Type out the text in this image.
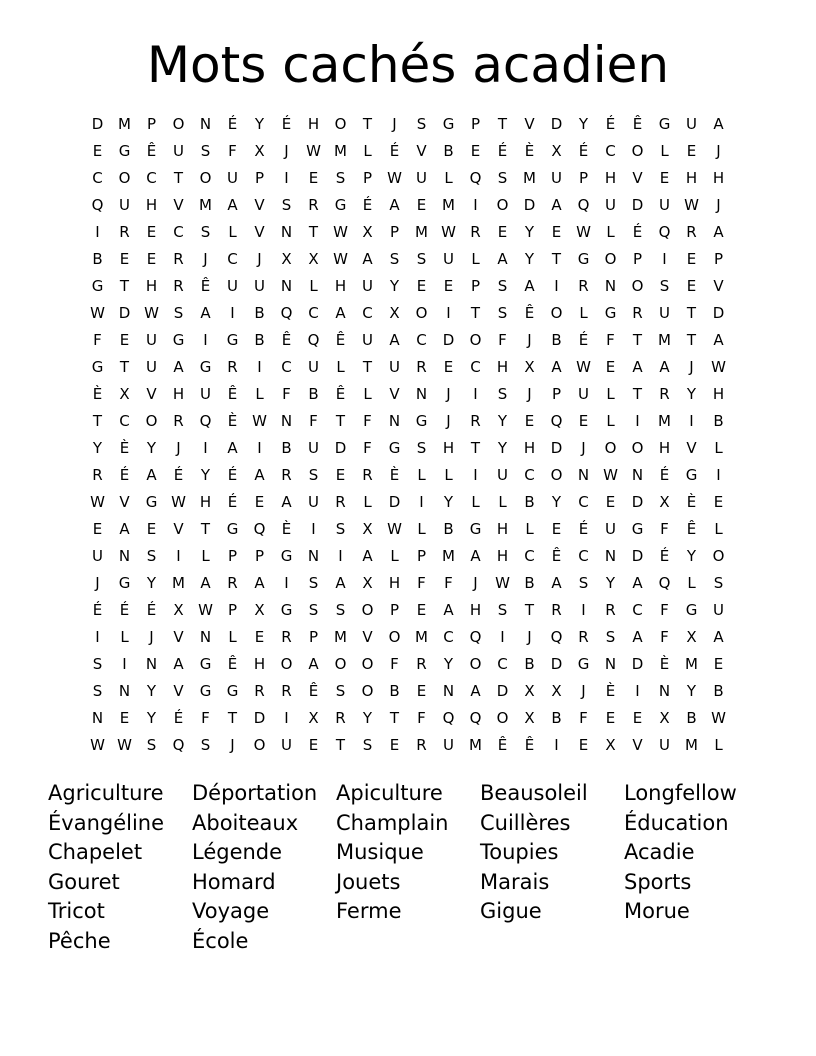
Mots cachés acadien
D M	P	O	N	É	Y	É	H	O	T	J	S	G	P	T	V	D	Y	É	Ê	G	U	A
E	G	Ê	U	S	F	X	J	W M	L	É	V	B	E	É	È	X	É	C	O	L	E	J
C	O	C	T	O	U	P	I	E	S	P	W U	L	Q	S	M	U	P	H	V	E	H	H
Q	U	H	V	M	A	V	S	R	G	É	A	E	M	I	O	D	A	Q	U	D	U W	J
I	R	E	C	S	L	V	N	T	W X	P	M W R	E	Y	E W	L	É	Q	R	A
B	E	E	R	J	C	J	X	X W A	S	S	U	L	A	Y	T	G	O	P	I	E	P
G	T	H	R	Ê	U	U	N	L	H	U	Y	E	E	P	S	A	I	R	N	O	S	E	V
W D W S	A	I	B	Q	C	A	C	X	O	I	T	S	Ê	O	L	G	R	U	T	D
F	E	U	G	I	G	B	Ê	Q	Ê	U	A	C	D	O	F	J	B	É	F	T	M	T	A
G	T	U	A	G	R	I	C	U	L	T	U	R	E	C	H	X	A W E	A	A	J	W
È	X	V	H	U	Ê	L	F	B	Ê	L	V	N	J	I	S	J	P	U	L	T	R	Y	H
T	C	O	R	Q	È W N	F	T	F	N	G	J	R	Y	E	Q	E	L	I	M	I	B
Y	È	Y	J	I	A	I	B	U	D	F	G	S	H	T	Y	H	D	J	O	O	H	V	L
R	É	A	É	Y	É	A	R	S	E	R	È	L	L	I	U	C	O	N W N	É	G	I
W V	G W H	É	E	A	U	R	L	D	I	Y	L	L	B	Y	C	E	D	X	È	E
E	A	E	V	T	G	Q	È	I	S	X W	L	B	G	H	L	E	É	U	G	F	Ê	L
U	N	S	I	L	P	P	G	N	I	A	L	P	M	A	H	C	Ê	C	N	D	É	Y	O
J	G	Y	M	A	R	A	I	S	A	X	H	F	F	J	W B	A	S	Y	A	Q	L	S
É	É	É	X W	P	X	G	S	S	O	P	E	A	H	S	T	R	I	R	C	F	G	U
I	L	J	V	N	L	E	R	P	M	V	O M	C	Q	I	J	Q	R	S	A	F	X	A
S	I	N	A	G	Ê	H	O	A	O	O	F	R	Y	O	C	B	D	G	N	D	È	M	E
S	N	Y	V	G	G	R	R	Ê	S	O	B	E	N	A	D	X	X	J	È	I	N	Y	B
N	E	Y	É	F	T	D	I	X	R	Y	T	F	Q	Q	O	X	B	F	E	E	X	B W
W W S	Q	S	J	O	U	E	T	S	E	R	U	M	Ê	Ê	I	E	X	V	U	M	L
Agriculture	Déportation Apiculture	Beausoleil	Longfellow
Évangéline	Aboiteaux	Champlain	Cuillères	Éducation
Chapelet	Légende	Musique	Toupies	Acadie
Gouret	Homard	Jouets	Marais	Sports
Tricot	Voyage	Ferme	Gigue	Morue
Pêche	École
